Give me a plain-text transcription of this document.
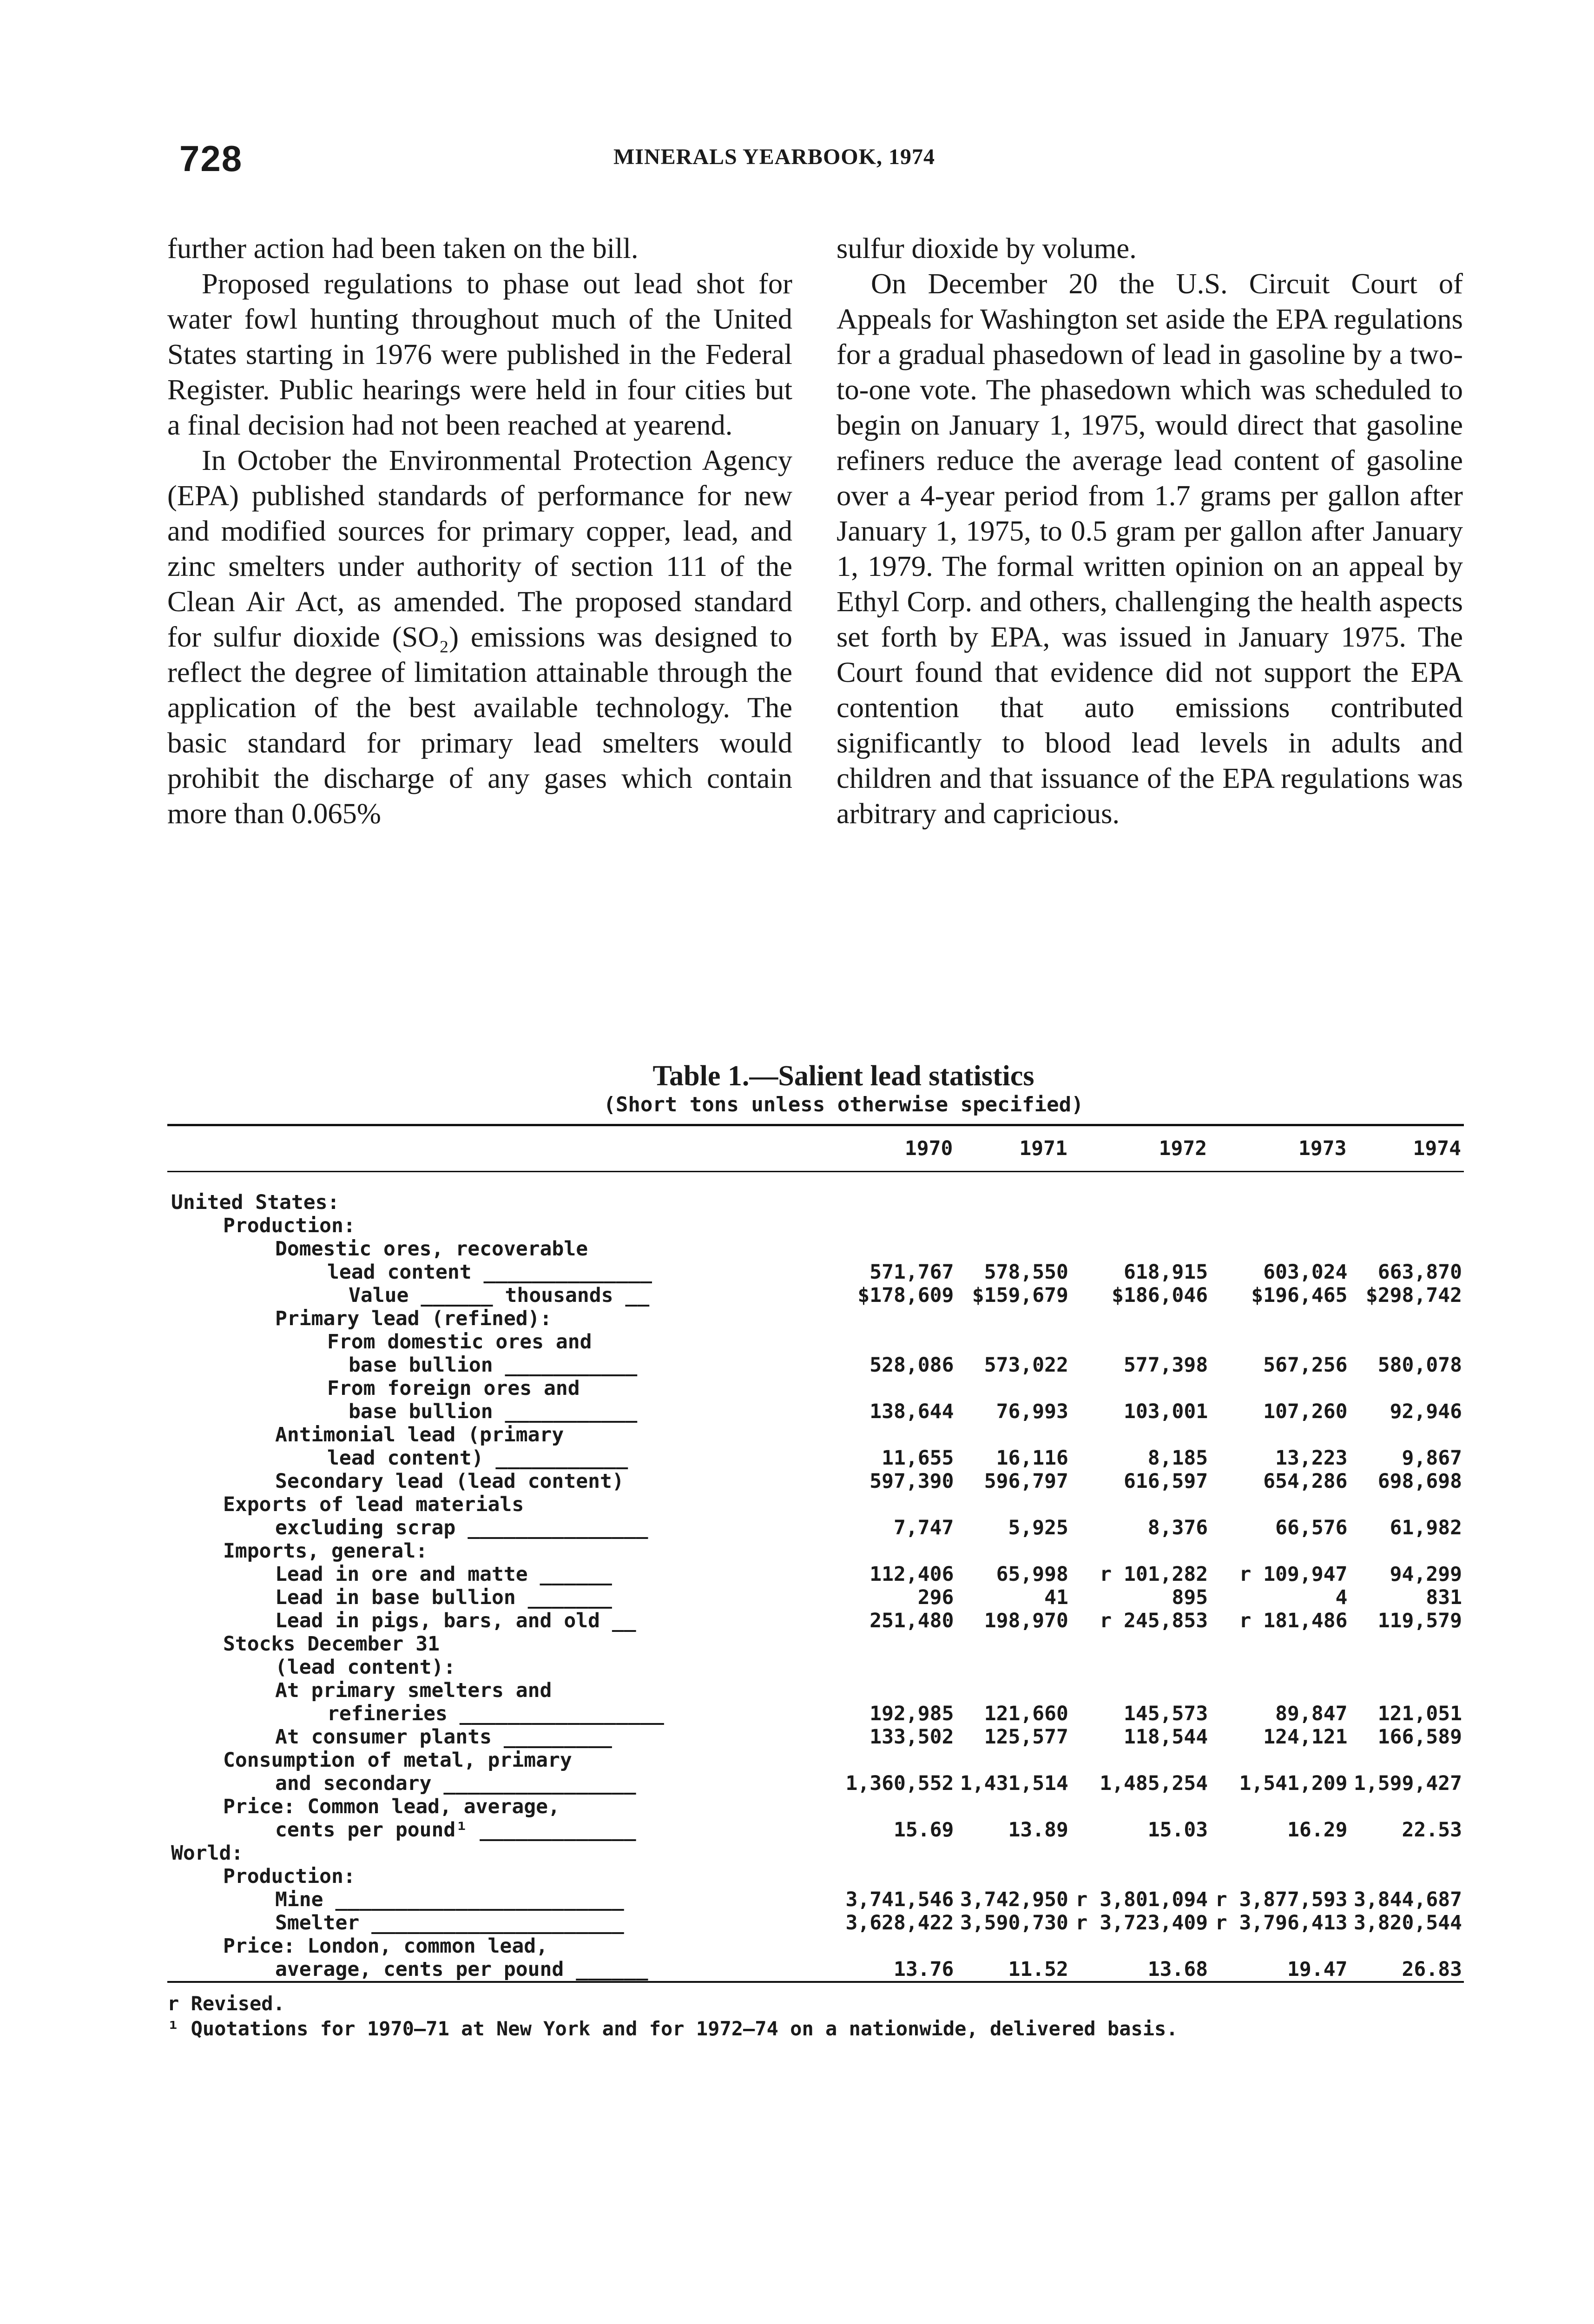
728	MINERALS YEARBOOK, 1974

further action had been taken on the bill.

Proposed regulations to phase out lead shot for water fowl hunting throughout much of the United States starting in 1976 were published in the Federal Register. Public hearings were held in four cities but a final decision had not been reached at yearend.

In October the Environmental Protection Agency (EPA) published standards of performance for new and modified sources for primary copper, lead, and zinc smelters under authority of section 111 of the Clean Air Act, as amended. The proposed standard for sulfur dioxide (SO₂) emissions was designed to reflect the degree of limitation attainable through the application of the best available technology. The basic standard for primary lead smelters would prohibit the discharge of any gases which contain more than 0.065%

sulfur dioxide by volume.

On December 20 the U.S. Circuit Court of Appeals for Washington set aside the EPA regulations for a gradual phasedown of lead in gasoline by a two-to-one vote. The phasedown which was scheduled to begin on January 1, 1975, would direct that gasoline refiners reduce the average lead content of gasoline over a 4-year period from 1.7 grams per gallon after January 1, 1975, to 0.5 gram per gallon after January 1, 1979. The formal written opinion on an appeal by Ethyl Corp. and others, challenging the health aspects set forth by EPA, was issued in January 1975. The Court found that evidence did not support the EPA contention that auto emissions contributed significantly to blood lead levels in adults and children and that issuance of the EPA regulations was arbitrary and capricious.

Table 1.—Salient lead statistics
(Short tons unless otherwise specified)
	1970	1971	1972	1973	1974
United States:					
Production:					
Domestic ores, recoverable					
lead content ______________	571,767	578,550	618,915	603,024	663,870
Value ______ thousands __	$178,609	$159,679	$186,046	$196,465	$298,742
Primary lead (refined):					
From domestic ores and					
base bullion ___________	528,086	573,022	577,398	567,256	580,078
From foreign ores and					
base bullion ___________	138,644	76,993	103,001	107,260	92,946
Antimonial lead (primary					
lead content) ___________	11,655	16,116	8,185	13,223	9,867
Secondary lead (lead content)	597,390	596,797	616,597	654,286	698,698
Exports of lead materials					
excluding scrap _______________	7,747	5,925	8,376	66,576	61,982
Imports, general:					
Lead in ore and matte ______	112,406	65,998	r 101,282	r 109,947	94,299
Lead in base bullion _______	296	41	895	4	831
Lead in pigs, bars, and old __	251,480	198,970	r 245,853	r 181,486	119,579
Stocks December 31					
(lead content):					
At primary smelters and					
refineries _________________	192,985	121,660	145,573	89,847	121,051
At consumer plants _________	133,502	125,577	118,544	124,121	166,589
Consumption of metal, primary					
and secondary ________________	1,360,552	1,431,514	1,485,254	1,541,209	1,599,427
Price: Common lead, average,					
cents per pound¹ _____________	15.69	13.89	15.03	16.29	22.53
World:					
Production:					
Mine ________________________	3,741,546	3,742,950	r 3,801,094	r 3,877,593	3,844,687
Smelter _____________________	3,628,422	3,590,730	r 3,723,409	r 3,796,413	3,820,544
Price: London, common lead,					
average, cents per pound ______	13.76	11.52	13.68	19.47	26.83
r Revised.
¹ Quotations for 1970–71 at New York and for 1972–74 on a nationwide, delivered basis.
